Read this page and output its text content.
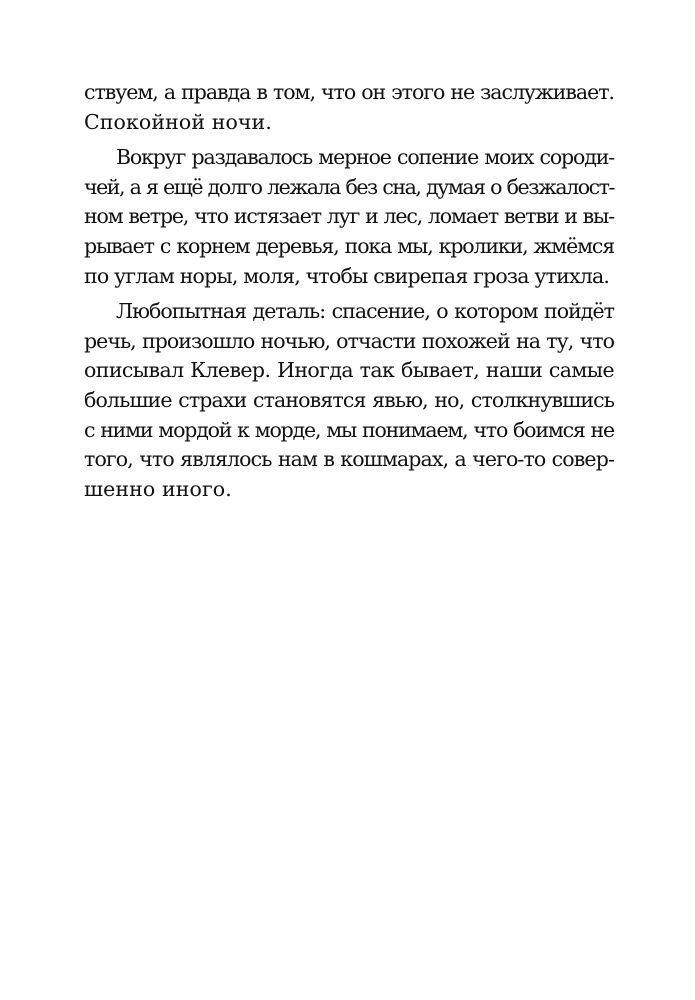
ствуем, а правда в том, что он этого не заслуживает.
Спокойной ночи.

Вокруг раздавалось мерное сопение моих сороди-
чей, а я ещё долго лежала без сна, думая о безжалост-
ном ветре, что истязает луг и лес, ломает ветви и вы-
рывает с корнем деревья, пока мы, кролики, жмёмся
по углам норы, моля, чтобы свирепая гроза утихла.

Любопытная деталь: спасение, о котором пойдёт
речь, произошло ночью, отчасти похожей на ту, что
описывал Клевер. Иногда так бывает, наши самые
большие страхи становятся явью, но, столкнувшись
с ними мордой к морде, мы понимаем, что боимся не
того, что являлось нам в кошмарах, а чего-то совер-
шенно иного.
